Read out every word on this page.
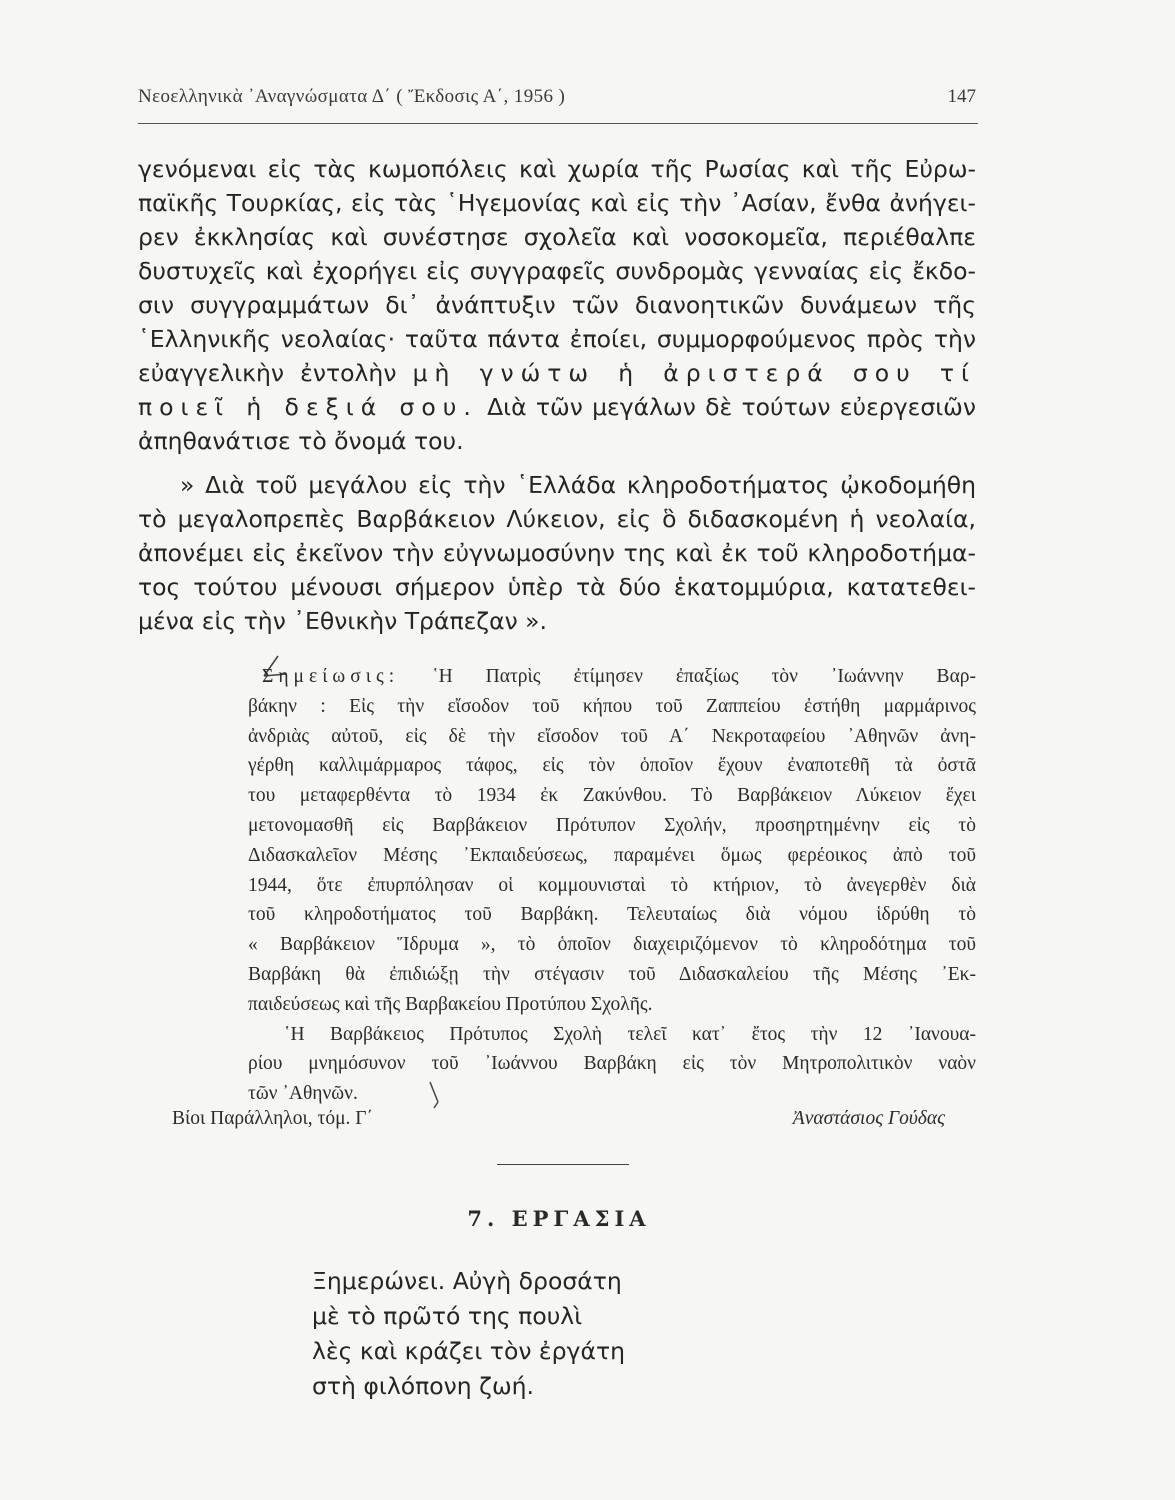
Νεοελληνικὰ ᾿Αναγνώσματα Δ΄ ( Ἔκδοσις Α΄, 1956 )	147
γενόμεναι εἰς τὰς κωμοπόλεις καὶ χωρία τῆς Ρωσίας καὶ τῆς Εὐρω-
παϊκῆς Τουρκίας, εἰς τὰς ῾Ηγεμονίας καὶ εἰς τὴν ᾿Ασίαν, ἔνθα ἀνήγει-
ρεν ἐκκλησίας καὶ συνέστησε σχολεῖα καὶ νοσοκομεῖα, περιέθαλπε
δυστυχεῖς καὶ ἐχορήγει εἰς συγγραφεῖς συνδρομὰς γενναίας εἰς ἔκδο-
σιν συγγραμμάτων δι᾿ ἀνάπτυξιν τῶν διανοητικῶν δυνάμεων τῆς
῾Ελληνικῆς νεολαίας· ταῦτα πάντα ἐποίει, συμμορφούμενος πρὸς τὴν
εὐαγγελικὴν ἐντολὴν μὴ γνώτω ἡ ἀριστερά σου τί
ποιεῖ ἡ δεξιά σου. Διὰ τῶν μεγάλων δὲ τούτων εὐεργεσιῶν
ἀπηθανάτισε τὸ ὄνομά του.
» Διὰ τοῦ μεγάλου εἰς τὴν ῾Ελλάδα κληροδοτήματος ᾠκοδομήθη
τὸ μεγαλοπρεπὲς Βαρβάκειον Λύκειον, εἰς ὃ διδασκομένη ἡ νεολαία,
ἀπονέμει εἰς ἐκεῖνον τὴν εὐγνωμοσύνην της καὶ ἐκ τοῦ κληροδοτήμα-
τος τούτου μένουσι σήμερον ὑπὲρ τὰ δύο ἑκατομμύρια, κατατεθει-
μένα εἰς τὴν ᾿Εθνικὴν Τράπεζαν ».
Σημείωσις: ῾Η Πατρὶς ἐτίμησεν ἐπαξίως τὸν ᾿Ιωάννην Βαρ-
βάκην : Εἰς τὴν εἴσοδον τοῦ κήπου τοῦ Ζαππείου ἐστήθη μαρμάρινος
ἀνδριὰς αὐτοῦ, εἰς δὲ τὴν εἴσοδον τοῦ Α΄ Νεκροταφείου ᾿Αθηνῶν ἀνη-
γέρθη καλλιμάρμαρος τάφος, εἰς τὸν ὁποῖον ἔχουν ἐναποτεθῆ τὰ ὀστᾶ
του μεταφερθέντα τὸ 1934 ἐκ Ζακύνθου. Τὸ Βαρβάκειον Λύκειον ἔχει
μετονομασθῆ εἰς Βαρβάκειον Πρότυπον Σχολήν, προσηρτημένην εἰς τὸ
Διδασκαλεῖον Μέσης ᾿Εκπαιδεύσεως, παραμένει ὅμως φερέοικος ἀπὸ τοῦ
1944, ὅτε ἐπυρπόλησαν οἱ κομμουνισταὶ τὸ κτήριον, τὸ ἀνεγερθὲν διὰ
τοῦ κληροδοτήματος τοῦ Βαρβάκη. Τελευταίως διὰ νόμου ἱδρύθη τὸ
« Βαρβάκειον Ἵδρυμα », τὸ ὁποῖον διαχειριζόμενον τὸ κληροδότημα τοῦ
Βαρβάκη θὰ ἐπιδιώξῃ τὴν στέγασιν τοῦ Διδασκαλείου τῆς Μέσης ᾿Εκ-
παιδεύσεως καὶ τῆς Βαρβακείου Προτύπου Σχολῆς.
῾Η Βαρβάκειος Πρότυπος Σχολὴ τελεῖ κατ᾿ ἔτος τὴν 12 ᾿Ιανουα-
ρίου μνημόσυνον τοῦ ᾿Ιωάννου Βαρβάκη εἰς τὸν Μητροπολιτικὸν ναὸν
τῶν ᾿Αθηνῶν.
Βίοι Παράλληλοι, τόμ. Γ΄	Ἀναστάσιος Γούδας
7. ΕΡΓΑΣΙΑ
Ξημερώνει. Αὐγὴ δροσάτη
μὲ τὸ πρῶτό της πουλὶ
λὲς καὶ κράζει τὸν ἐργάτη
στὴ φιλόπονη ζωή.
